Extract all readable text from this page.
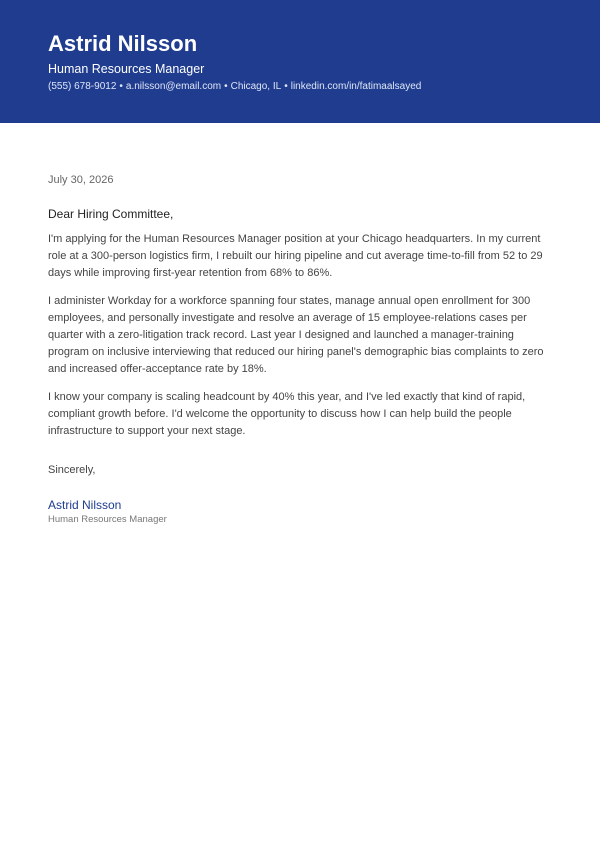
Astrid Nilsson
Human Resources Manager
(555) 678-9012 • a.nilsson@email.com • Chicago, IL • linkedin.com/in/fatimaalsayed
July 30, 2026
Dear Hiring Committee,

I'm applying for the Human Resources Manager position at your Chicago headquarters. In my current role at a 300-person logistics firm, I rebuilt our hiring pipeline and cut average time-to-fill from 52 to 29 days while improving first-year retention from 68% to 86%.

I administer Workday for a workforce spanning four states, manage annual open enrollment for 300 employees, and personally investigate and resolve an average of 15 employee-relations cases per quarter with a zero-litigation track record. Last year I designed and launched a manager-training program on inclusive interviewing that reduced our hiring panel's demographic bias complaints to zero and increased offer-acceptance rate by 18%.

I know your company is scaling headcount by 40% this year, and I've led exactly that kind of rapid, compliant growth before. I'd welcome the opportunity to discuss how I can help build the people infrastructure to support your next stage.

Sincerely,
Astrid Nilsson
Human Resources Manager
